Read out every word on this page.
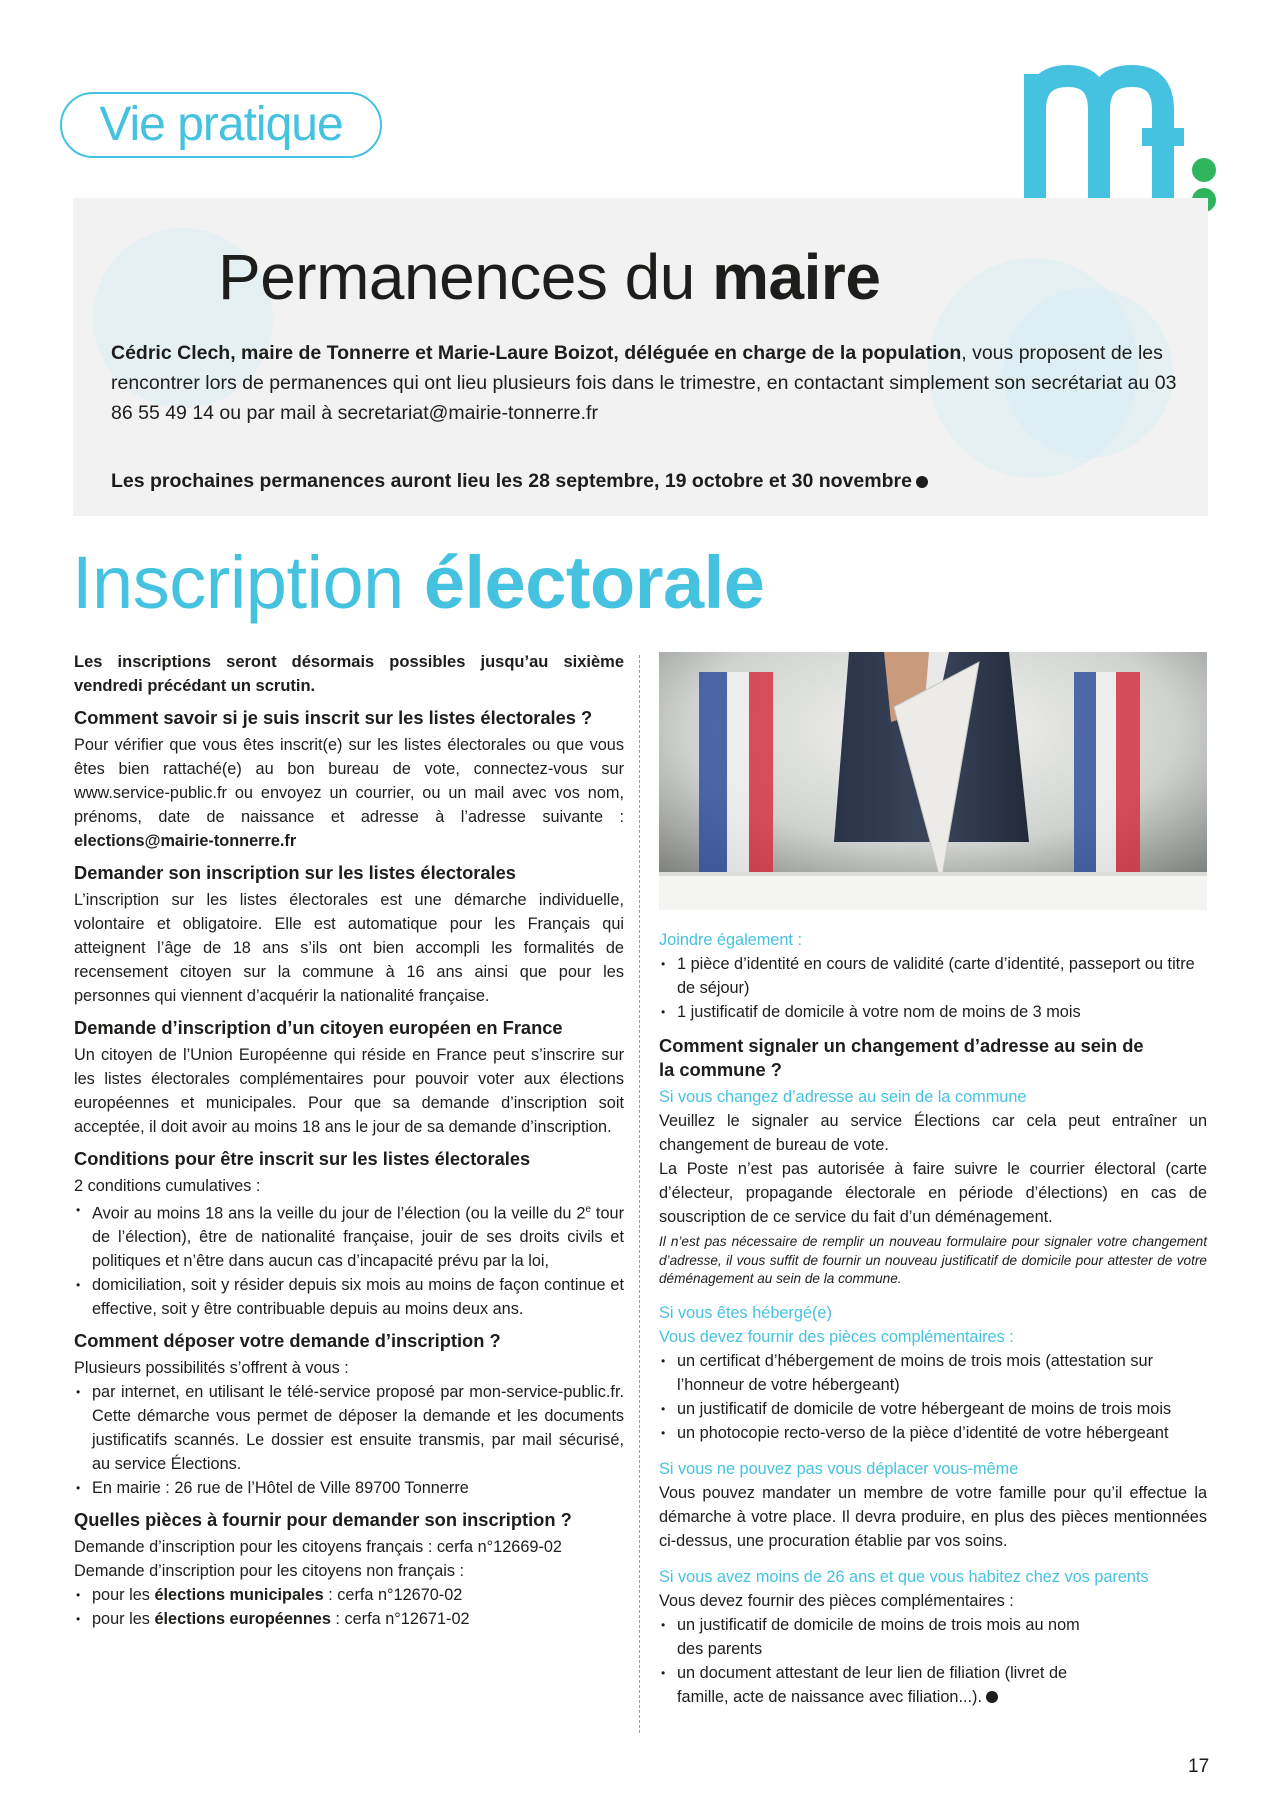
Vie pratique
Permanences du maire
Cédric Clech, maire de Tonnerre et Marie-Laure Boizot, déléguée en charge de la population, vous proposent de les rencontrer lors de permanences qui ont lieu plusieurs fois dans le trimestre, en contactant simplement son secrétariat au 03 86 55 49 14 ou par mail à secretariat@mairie-tonnerre.fr
Les prochaines permanences auront lieu les 28 septembre, 19 octobre et 30 novembre
Inscription électorale

Les inscriptions seront désormais possibles jusqu’au sixième vendredi précédant un scrutin.

Comment savoir si je suis inscrit sur les listes électorales ?

Pour vérifier que vous êtes inscrit(e) sur les listes électorales ou que vous êtes bien rattaché(e) au bon bureau de vote, connectez-vous sur www.service-public.fr ou envoyez un courrier, ou un mail avec vos nom, prénoms, date de naissance et adresse à l’adresse suivante : elections@mairie-tonnerre.fr

Demander son inscription sur les listes électorales

L’inscription sur les listes électorales est une démarche individuelle, volontaire et obligatoire. Elle est automatique pour les Français qui atteignent l’âge de 18 ans s’ils ont bien accompli les formalités de recensement citoyen sur la commune à 16 ans ainsi que pour les personnes qui viennent d’acquérir la nationalité française.

Demande d’inscription d’un citoyen européen en France

Un citoyen de l’Union Européenne qui réside en France peut s’inscrire sur les listes électorales complémentaires pour pouvoir voter aux élections européennes et municipales. Pour que sa demande d’inscription soit acceptée, il doit avoir au moins 18 ans le jour de sa demande d’inscription.

Conditions pour être inscrit sur les listes électorales

2 conditions cumulatives :

• Avoir au moins 18 ans la veille du jour de l’élection (ou la veille du 2e tour de l’élection), être de nationalité française, jouir de ses droits civils et politiques et n’être dans aucun cas d’incapacité prévu par la loi,
• domiciliation, soit y résider depuis six mois au moins de façon continue et effective, soit y être contribuable depuis au moins deux ans.
Comment déposer votre demande d’inscription ?

Plusieurs possibilités s’offrent à vous :

• par internet, en utilisant le télé-service proposé par mon-service-public.fr. Cette démarche vous permet de déposer la demande et les documents justificatifs scannés. Le dossier est ensuite transmis, par mail sécurisé, au service Élections.
• En mairie : 26 rue de l’Hôtel de Ville 89700 Tonnerre
Quelles pièces à fournir pour demander son inscription ?

Demande d’inscription pour les citoyens français : cerfa n°12669-02

Demande d’inscription pour les citoyens non français :

• pour les élections municipales : cerfa n°12670-02
• pour les élections européennes : cerfa n°12671-02

Joindre également :

• 1 pièce d’identité en cours de validité (carte d’identité, passeport ou titre de séjour)
• 1 justificatif de domicile à votre nom de moins de 3 mois
Comment signaler un changement d’adresse au sein de la commune ?

Si vous changez d’adresse au sein de la commune

Veuillez le signaler au service Élections car cela peut entraîner un changement de bureau de vote.

La Poste n’est pas autorisée à faire suivre le courrier électoral (carte d’électeur, propagande électorale en période d’élections) en cas de souscription de ce service du fait d’un déménagement.

Il n’est pas nécessaire de remplir un nouveau formulaire pour signaler votre changement d’adresse, il vous suffit de fournir un nouveau justificatif de domicile pour attester de votre déménagement au sein de la commune.

Si vous êtes hébergé(e)

Vous devez fournir des pièces complémentaires :

• un certificat d’hébergement de moins de trois mois (attestation sur l’honneur de votre hébergeant)
• un justificatif de domicile de votre hébergeant de moins de trois mois
• un photocopie recto-verso de la pièce d’identité de votre hébergeant

Si vous ne pouvez pas vous déplacer vous-même

Vous pouvez mandater un membre de votre famille pour qu’il effectue la démarche à votre place. Il devra produire, en plus des pièces mentionnées ci-dessus, une procuration établie par vos soins.

Si vous avez moins de 26 ans et que vous habitez chez vos parents

Vous devez fournir des pièces complémentaires :

• un justificatif de domicile de moins de trois mois au nom des parents
• un document attestant de leur lien de filiation (livret de famille, acte de naissance avec filiation...).
17
